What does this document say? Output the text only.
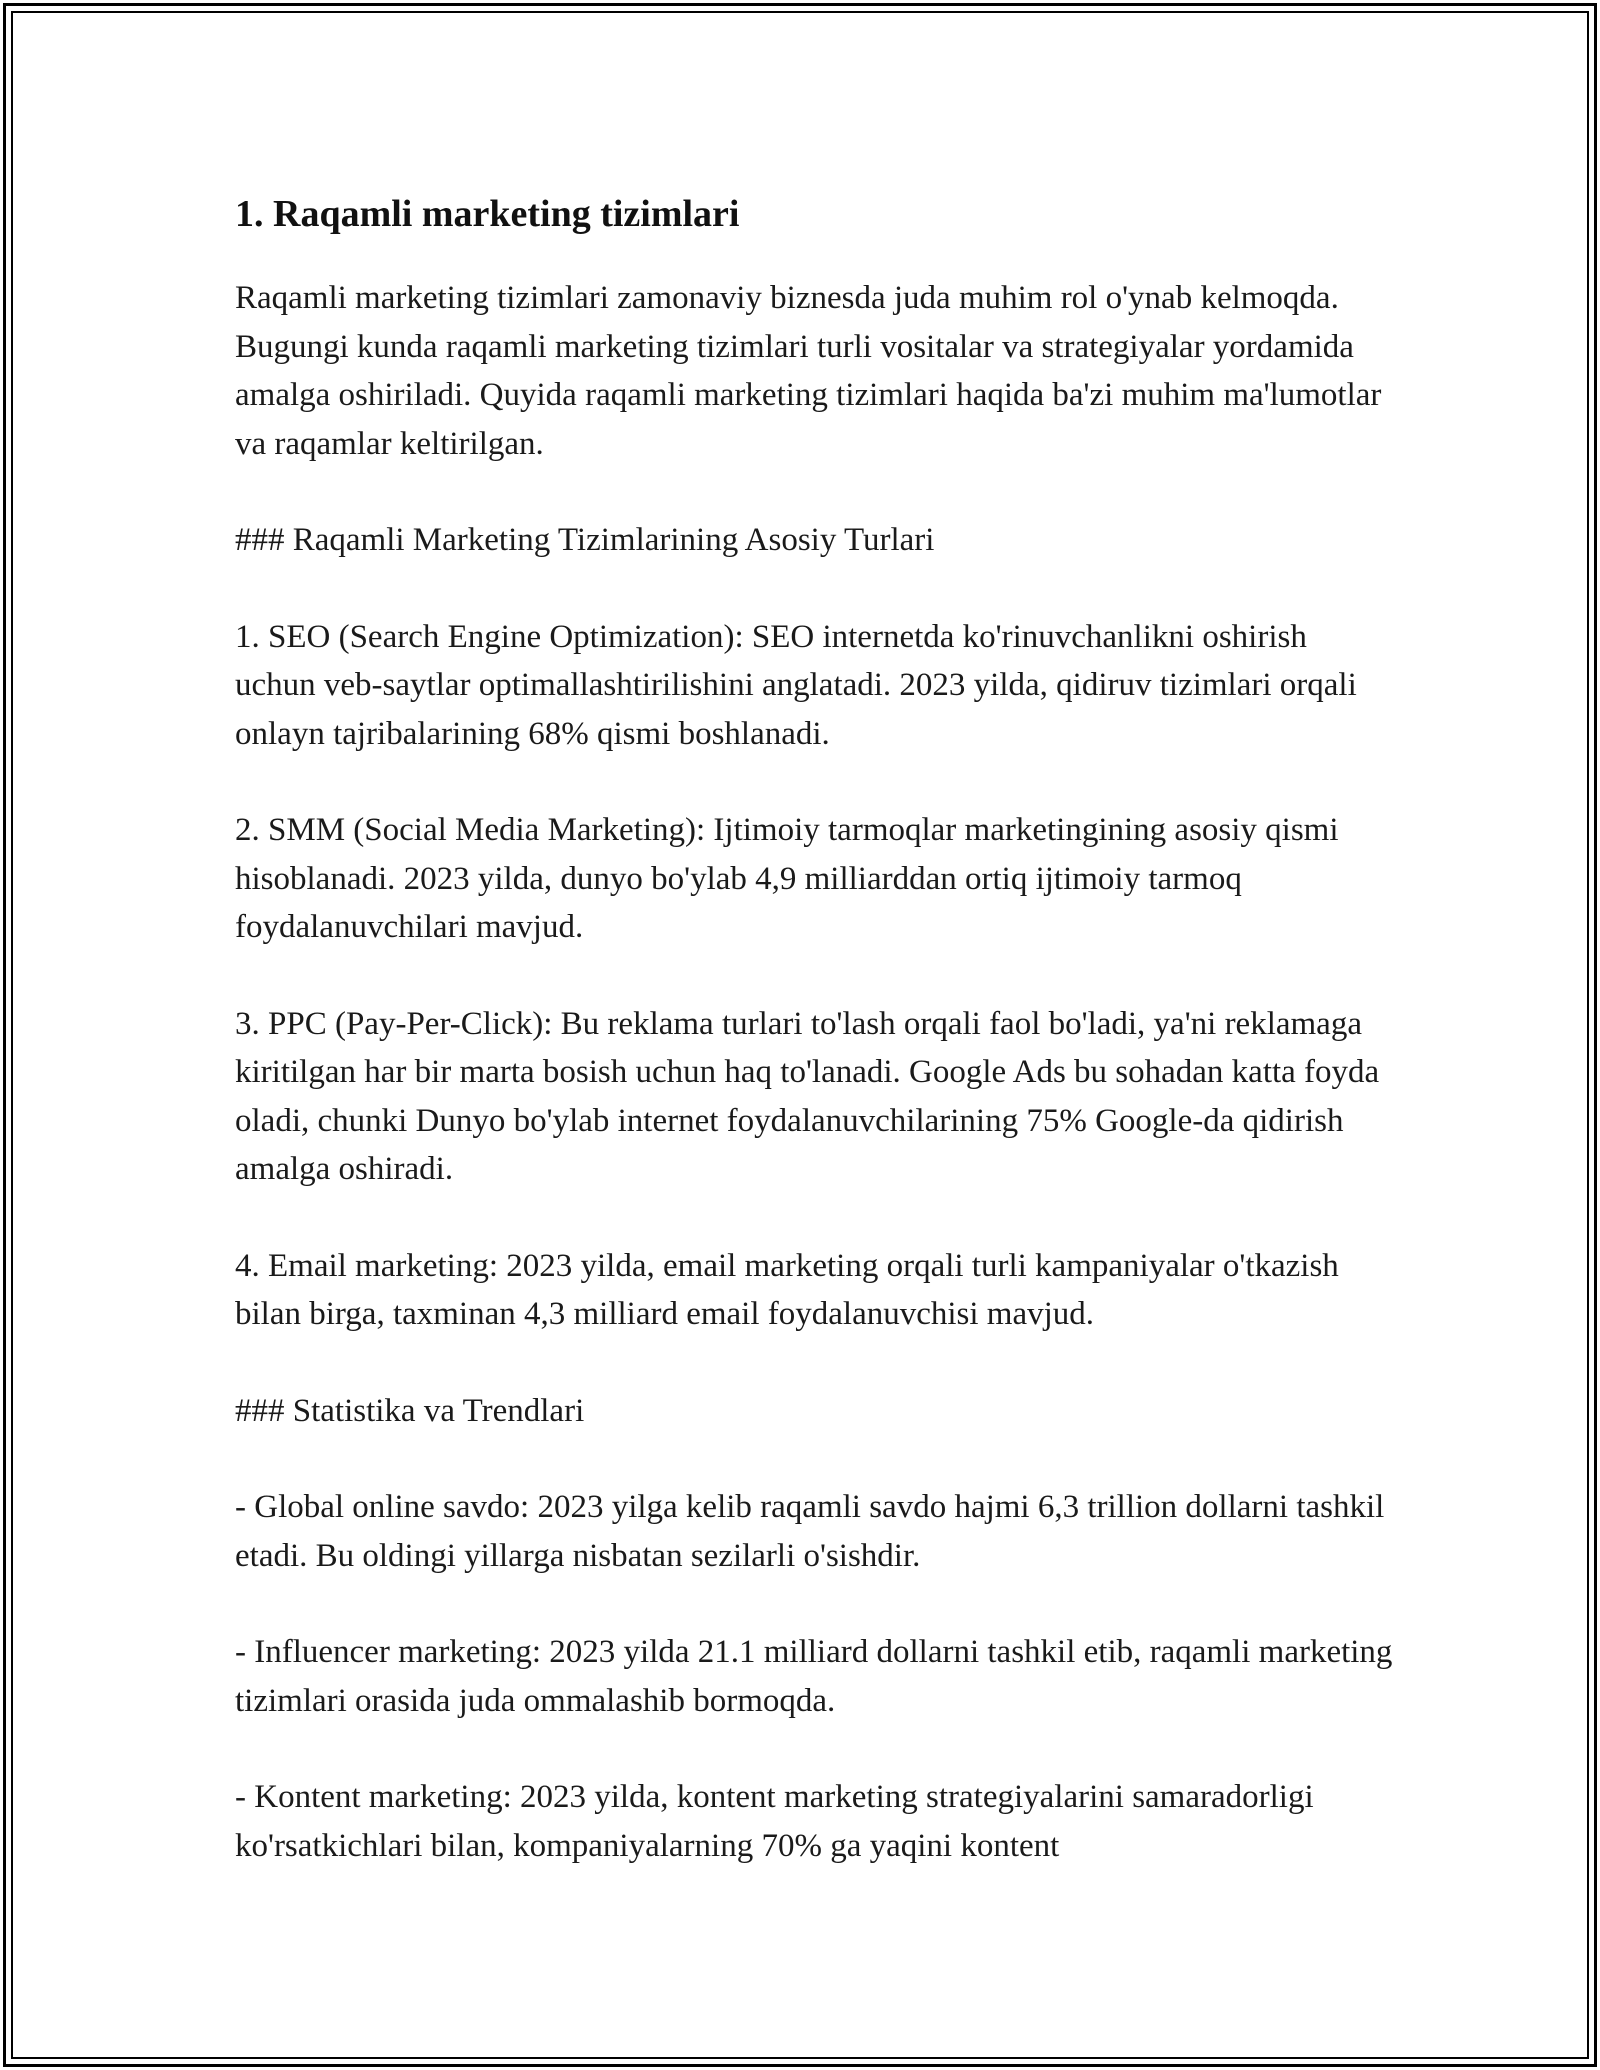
1. Raqamli marketing tizimlari

Raqamli marketing tizimlari zamonaviy biznesda juda muhim rol o'ynab kelmoqda. Bugungi kunda raqamli marketing tizimlari turli vositalar va strategiyalar yordamida amalga oshiriladi. Quyida raqamli marketing tizimlari haqida ba'zi muhim ma'lumotlar va raqamlar keltirilgan.

### Raqamli Marketing Tizimlarining Asosiy Turlari

1. SEO (Search Engine Optimization): SEO internetda ko'rinuvchanlikni oshirish uchun veb-saytlar optimallashtirilishini anglatadi. 2023 yilda, qidiruv tizimlari orqali onlayn tajribalarining 68% qismi boshlanadi.

2. SMM (Social Media Marketing): Ijtimoiy tarmoqlar marketingining asosiy qismi hisoblanadi. 2023 yilda, dunyo bo'ylab 4,9 milliarddan ortiq ijtimoiy tarmoq foydalanuvchilari mavjud.

3. PPC (Pay-Per-Click): Bu reklama turlari to'lash orqali faol bo'ladi, ya'ni reklamaga kiritilgan har bir marta bosish uchun haq to'lanadi. Google Ads bu sohadan katta foyda oladi, chunki Dunyo bo'ylab internet foydalanuvchilarining 75% Google-da qidirish amalga oshiradi.

4. Email marketing: 2023 yilda, email marketing orqali turli kampaniyalar o'tkazish bilan birga, taxminan 4,3 milliard email foydalanuvchisi mavjud.

### Statistika va Trendlari

- Global online savdo: 2023 yilga kelib raqamli savdo hajmi 6,3 trillion dollarni tashkil etadi. Bu oldingi yillarga nisbatan sezilarli o'sishdir.

- Influencer marketing: 2023 yilda 21.1 milliard dollarni tashkil etib, raqamli marketing tizimlari orasida juda ommalashib bormoqda.

- Kontent marketing: 2023 yilda, kontent marketing strategiyalarini samaradorligi ko'rsatkichlari bilan, kompaniyalarning 70% ga yaqini kontent
